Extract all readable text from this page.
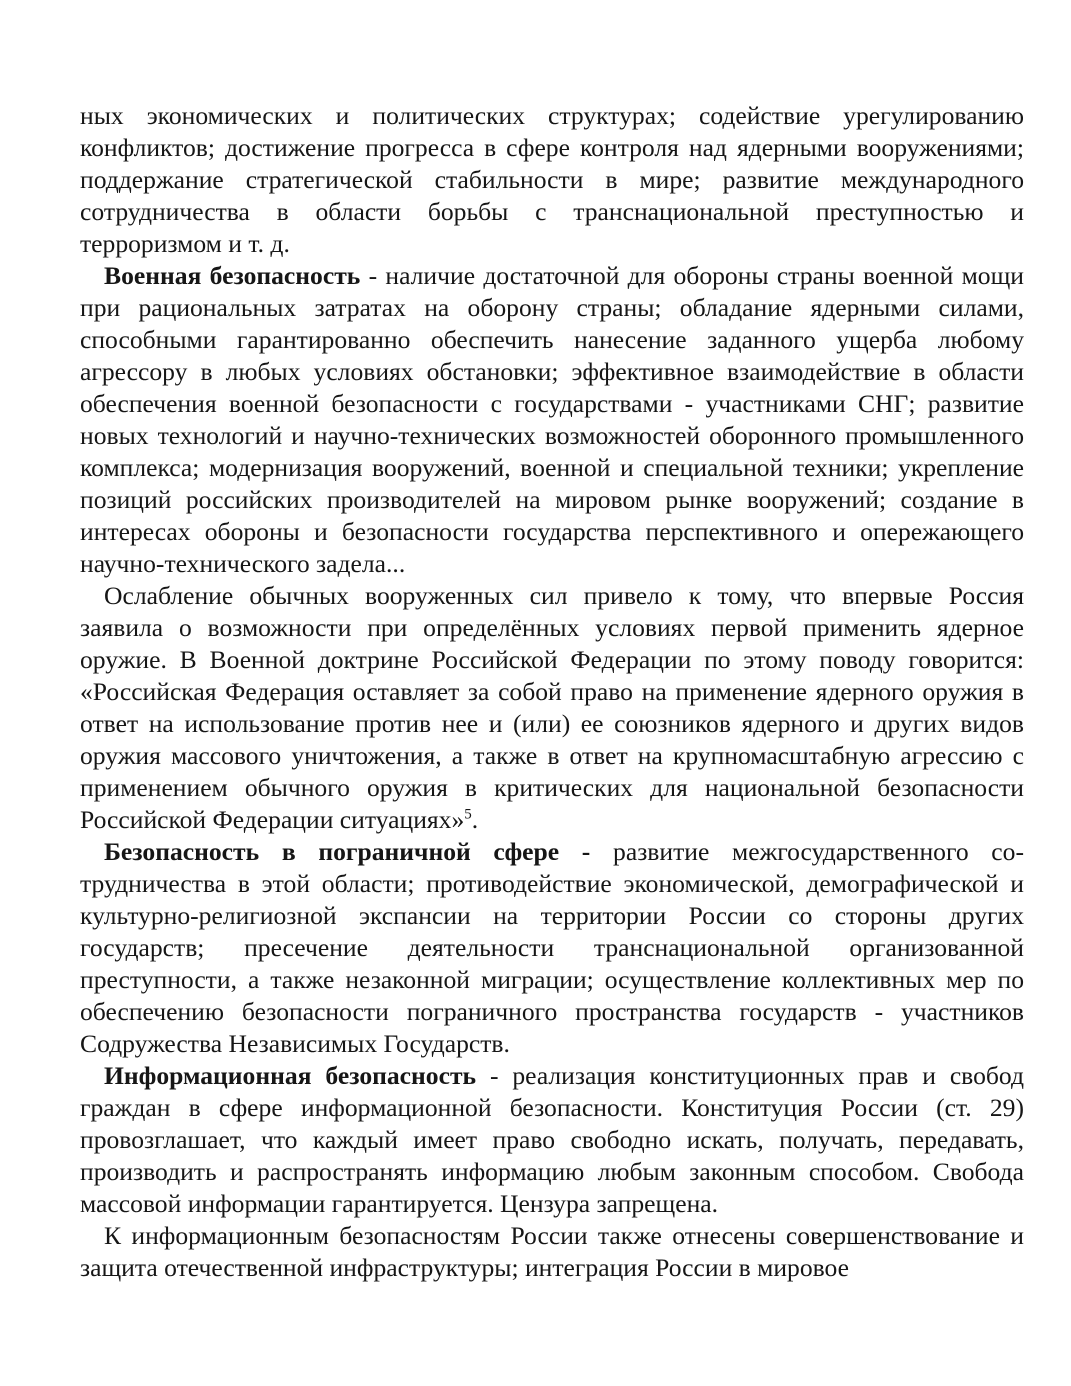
ных экономических и политических структурах; содействие урегулированию конфликтов; достижение прогресса в сфере контроля над ядерными вооружениями; поддержание стратегической стабильности в мире; развитие международного сотрудничества в области борьбы с транснациональной преступностью и терроризмом и т. д.

Военная безопасность - наличие достаточной для обороны страны военной мощи при рациональных затратах на оборону страны; обладание ядерными силами, способными гарантированно обеспечить нанесение заданного ущерба любому агрессору в любых условиях обстановки; эффективное взаимодействие в области обеспечения военной безопасности с государствами - участниками СНГ; развитие новых технологий и научно-технических возможностей оборонного промышленного комплекса; модернизация вооружений, военной и специальной техники; укрепление позиций российских производителей на мировом рынке вооружений; создание в интересах обороны и безопасности государства перспективного и опережающего научно-технического задела...

Ослабление обычных вооруженных сил привело к тому, что впервые Россия заявила о возможности при определённых условиях первой применить ядерное оружие. В Военной доктрине Российской Федерации по этому поводу говорится: «Российская Федерация оставляет за собой право на применение ядерного оружия в ответ на использование против нее и (или) ее союзников ядерного и других видов оружия массового уничтожения, а также в ответ на крупномасштабную агрессию с применением обычного оружия в критических для национальной безопасности Российской Федерации ситуациях»$^5$.

Безопасность в пограничной сфере - развитие межгосударственного сотрудничества в этой области; противодействие экономической, демографической и культурно-религиозной экспансии на территории России со стороны других государств; пресечение деятельности транснациональной организованной преступности, а также незаконной миграции; осуществление коллективных мер по обеспечению безопасности пограничного пространства государств - участников Содружества Независимых Государств.

Информационная безопасность - реализация конституционных прав и свобод граждан в сфере информационной безопасности. Конституция России (ст. 29) провозглашает, что каждый имеет право свободно искать, получать, передавать, производить и распространять информацию любым законным способом. Свобода массовой информации гарантируется. Цензура запрещена.

К информационным безопасностям России также отнесены совершенствование и защита отечественной инфраструктуры; интеграция России в мировое
